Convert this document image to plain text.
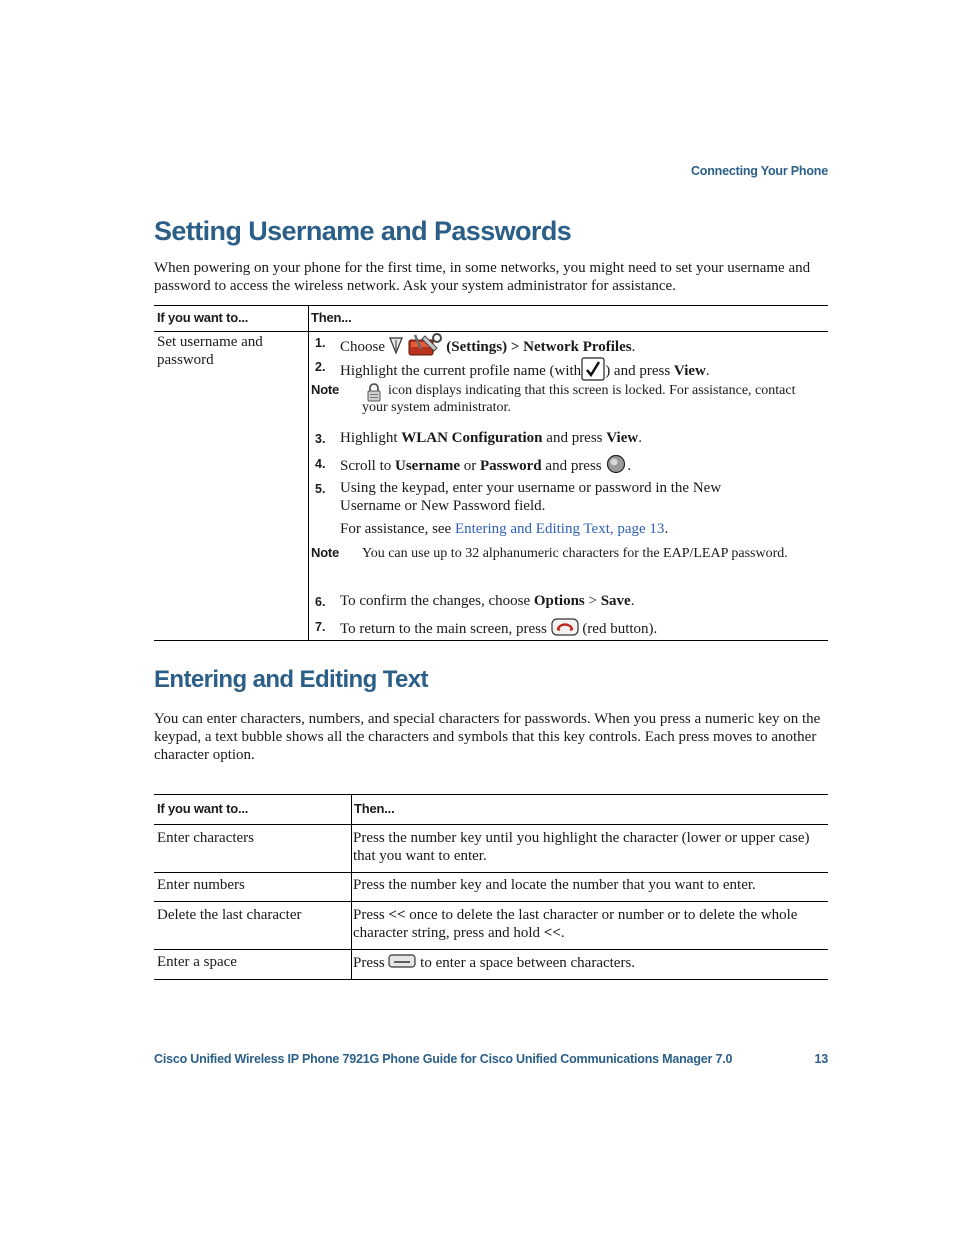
Connecting Your Phone
Setting Username and Passwords

When powering on your phone for the first time, in some networks, you might need to set your username and password to access the wireless network. Ask your system administrator for assistance.

If you want to...	Then...
Set username and password
1. Choose	(Settings) > Network Profiles.
2. Highlight the current profile name (with ) and press View.
Note	icon displays indicating that this screen is locked. For assistance, contact your system administrator.
3. Highlight WLAN Configuration and press View.
4. Scroll to Username or Password and press .
5. Using the keypad, enter your username or password in the New Username or New Password field.
For assistance, see Entering and Editing Text, page 13.
Note You can use up to 32 alphanumeric characters for the EAP/LEAP password.
6. To confirm the changes, choose Options > Save.
7. To return to the main screen, press (red button).
Entering and Editing Text

You can enter characters, numbers, and special characters for passwords. When you press a numeric key on the keypad, a text bubble shows all the characters and symbols that this key controls. Each press moves to another character option.

If you want to...	Then...
Enter characters	Press the number key until you highlight the character (lower or upper case) that you want to enter.
Enter numbers	Press the number key and locate the number that you want to enter.
Delete the last character	Press << once to delete the last character or number or to delete the whole character string, press and hold <<.
Enter a space	Press to enter a space between characters.
Cisco Unified Wireless IP Phone 7921G Phone Guide for Cisco Unified Communications Manager 7.0	13
